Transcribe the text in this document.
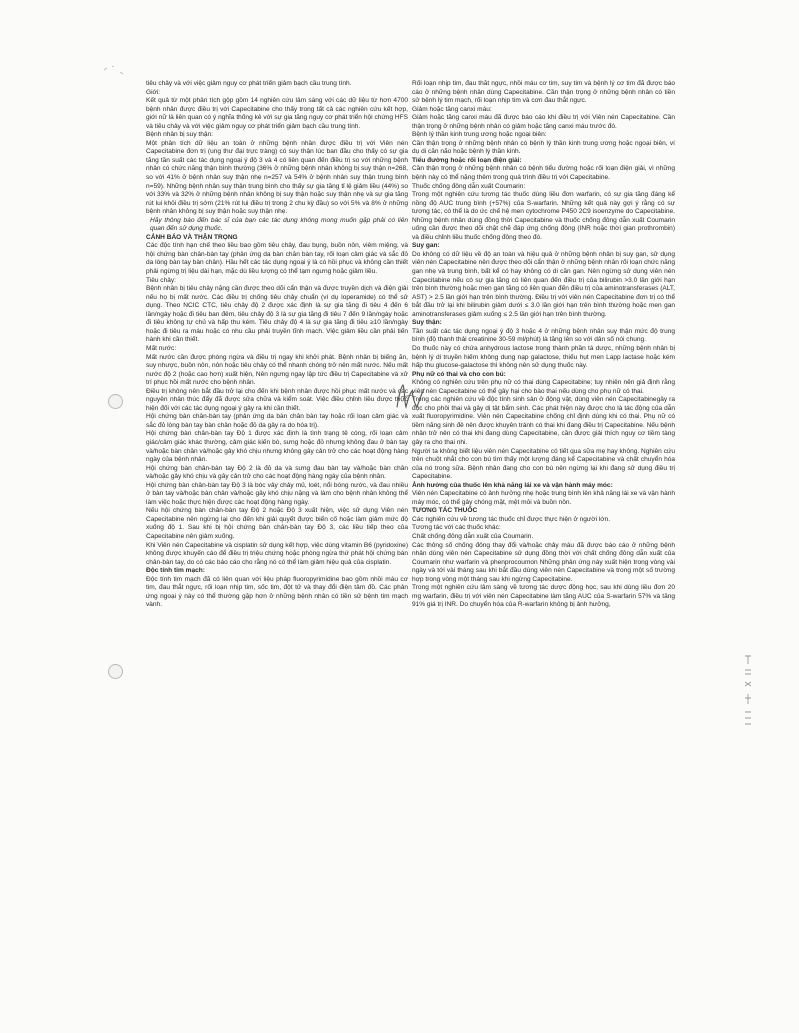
tiêu chảy và với việc giảm nguy cơ phát triển giảm bạch cầu trung tính.

Giới:

Kết quả từ một phân tích gộp gồm 14 nghiên cứu lâm sàng với các dữ liệu từ hơn 4700 bệnh nhân được điều trị với Capecitabine cho thấy trong tất cả các nghiên cứu kết hợp, giới nữ là liên quan có ý nghĩa thống kê với sự gia tăng nguy cơ phát triển hội chứng HFS và tiêu chảy và với việc giảm nguy cơ phát triển giảm bạch cầu trung tính.

Bệnh nhân bị suy thận:

Một phân tích dữ liệu an toàn ở những bệnh nhân được điều trị với Viên nén Capecitabine đơn trị (ung thư đại trực tràng) có suy thận lúc ban đầu cho thấy có sự gia tăng tần suất các tác dụng ngoại ý độ 3 và 4 có liên quan đến điều trị so với những bệnh nhân có chức năng thận bình thường (36% ở những bệnh nhân không bị suy thận n=268, so với 41% ở bệnh nhân suy thận nhẹ n=257 và 54% ở bệnh nhân suy thận trung bình n=59). Những bệnh nhân suy thận trung bình cho thấy sự gia tăng tỉ lệ giảm liều (44%) so với 33% và 32% ở những bệnh nhân không bị suy thận hoặc suy thận nhẹ và sự gia tăng rút lui khỏi điều trị sớm (21% rút lui điều trị trong 2 chu kỳ đầu) so với 5% và 8% ở những bệnh nhân không bị suy thận hoặc suy thận nhẹ.

Hãy thông báo đến bác sĩ của bạn các tác dụng không mong muốn gặp phải có liên quan đến sử dụng thuốc.

CẢNH BÁO VÀ THẬN TRỌNG

Các độc tính hạn chế theo liều bao gồm tiêu chảy, đau bụng, buồn nôn, viêm miệng, và hội chứng bàn chân-bàn tay (phản ứng da bàn chân bàn tay, rối loạn cảm giác và sắc đỏ da lòng bàn tay bàn chân). Hầu hết các tác dụng ngoại ý là có hồi phục và không cần thiết phải ngừng trị liệu dài hạn, mặc dù liều lượng có thể tạm ngưng hoặc giảm liều.

Tiêu chảy:

Bệnh nhân bị tiêu chảy nặng cần được theo dõi cẩn thận và được truyền dịch và điện giải nếu họ bị mất nước. Các điều trị chống tiêu chảy chuẩn (ví dụ loperamide) có thể sử dụng. Theo NCIC CTC, tiêu chảy độ 2 được xác định là sự gia tăng đi tiêu 4 đến 6 lần/ngày hoặc đi tiêu ban đêm, tiêu chảy độ 3 là sự gia tăng đi tiêu 7 đến 9 lần/ngày hoặc đi tiêu không tự chủ và hấp thu kém. Tiêu chảy độ 4 là sự gia tăng đi tiêu ≥10 lần/ngày hoặc đi tiêu ra máu hoặc có nhu cầu phải truyền tĩnh mạch. Việc giảm liều cần phải tiến hành khi cần thiết.

Mất nước:

Mất nước cần được phòng ngừa và điều trị ngay khi khởi phát. Bệnh nhân bị biếng ăn, suy nhược, buồn nôn, nôn hoặc tiêu chảy có thể nhanh chóng trở nên mất nước. Nếu mất nước độ 2 (hoặc cao hơn) xuất hiện, Nên ngưng ngay lập tức điều trị Capecitabine và xử trí phục hồi mất nước cho bệnh nhân.

Điều trị không nên bắt đầu trở lại cho đến khi bệnh nhân được hồi phục mất nước và các nguyên nhân thúc đẩy đã được sửa chữa và kiểm soát. Việc điều chỉnh liều được thực hiện đối với các tác dụng ngoại ý gây ra khi cần thiết.

Hội chứng bàn chân-bàn tay (phản ứng da bàn chân bàn tay hoặc rối loạn cảm giác và sắc đỏ lòng bàn tay bàn chân hoặc đỏ da gây ra do hóa trị).

Hội chứng bàn chân-bàn tay Độ 1 được xác định là tình trạng tê cóng, rối loạn cảm giác/cảm giác khác thường, cảm giác kiến bò, sưng hoặc đỏ nhưng không đau ở bàn tay và/hoặc bàn chân và/hoặc gây khó chịu nhưng không gây cản trở cho các hoạt động hàng ngày của bệnh nhân.

Hội chứng bàn chân-bàn tay Độ 2 là đỏ da và sưng đau bàn tay và/hoặc bàn chân và/hoặc gây khó chịu và gây cản trở cho các hoạt động hàng ngày của bệnh nhân.

Hội chứng bàn chân-bàn tay Độ 3 là bóc vảy chảy mủ, loét, nổi bóng nước, và đau nhiều ở bàn tay và/hoặc bàn chân và/hoặc gây khó chịu nặng và làm cho bệnh nhân không thể làm việc hoặc thực hiện được các hoạt động hàng ngày.

Nếu hội chứng bàn chân-bàn tay Độ 2 hoặc Độ 3 xuất hiện, việc sử dụng Viên nén Capecitabine nên ngừng lại cho đến khi giải quyết được biến cố hoặc làm giảm mức độ xuống độ 1. Sau khi bị hội chứng bàn chân-bàn tay Độ 3, các liều tiếp theo của Capecitabine nên giảm xuống.

Khi Viên nén Capecitabine và cisplatin sử dụng kết hợp, việc dùng vitamin B6 (pyridoxine) không được khuyến cáo để điều trị triệu chứng hoặc phòng ngừa thứ phát hội chứng bàn chân-bàn tay, do có các báo cáo cho rằng nó có thể làm giảm hiệu quả của cisplatin.

Độc tính tim mạch:

Độc tính tim mạch đã có liên quan với liệu pháp fluoropyrimidine bao gồm nhồi máu cơ tim, đau thắt ngực, rối loạn nhịp tim, sốc tim, đột tử và thay đổi điện tâm đồ. Các phản ứng ngoại ý này có thể thường gặp hơn ở những bệnh nhân có tiền sử bệnh tim mạch vành.

Rối loạn nhịp tim, đau thắt ngực, nhồi máu cơ tim, suy tim và bệnh lý cơ tim đã được báo cáo ở những bệnh nhân dùng Capecitabine. Cần thận trọng ở những bệnh nhân có tiền sử bệnh lý tim mạch, rối loạn nhịp tim và cơn đau thắt ngực.

Giảm hoặc tăng canxi máu:

Giảm hoặc tăng canxi máu đã được báo cáo khi điều trị với Viên nén Capecitabine. Cần thận trọng ở những bệnh nhân có giảm hoặc tăng canxi máu trước đó.

Bệnh lý thần kinh trung ương hoặc ngoại biên:

Cần thận trọng ở những bệnh nhân có bệnh lý thần kinh trung ương hoặc ngoại biên, ví dụ di căn não hoặc bệnh lý thần kinh.

Tiểu đường hoặc rối loạn điện giải:

Cần thận trọng ở những bệnh nhân có bệnh tiểu đường hoặc rối loạn điện giải, vì những bệnh này có thể nặng thêm trong quá trình điều trị với Capecitabine.

Thuốc chống đông dẫn xuất Coumarin:

Trong một nghiên cứu tương tác thuốc dùng liều đơn warfarin, có sự gia tăng đáng kể nồng độ AUC trung bình (+57%) của S-warfarin. Những kết quả này gợi ý rằng có sự tương tác, có thể là do ức chế hệ men cytochrome P450 2C9 isoenzyme do Capecitabine. Những bệnh nhân dùng đồng thời Capecitabine và thuốc chống đông dẫn xuất Coumarin uống cần được theo dõi chặt chẽ đáp ứng chống đông (INR hoặc thời gian prothrombin) và điều chỉnh liều thuốc chống đông theo đó.

Suy gan:

Do không có dữ liệu về độ an toàn và hiệu quả ở những bệnh nhân bị suy gan, sử dụng viên nén Capecitabine nên được theo dõi cẩn thận ở những bệnh nhân rối loạn chức năng gan nhẹ và trung bình, bất kể có hay không có di căn gan. Nên ngừng sử dụng viên nén Capecitabine nếu có sự gia tăng có liên quan đến điều trị của bilirubin >3.0 lần giới hạn trên bình thường hoặc men gan tăng có liên quan đến điều trị của aminotransferases (ALT, AST) > 2.5 lần giới hạn trên bình thường. Điều trị với viên nén Capecitabine đơn trị có thể bắt đầu trở lại khi bilirubin giảm dưới ≤ 3.0 lần giới hạn trên bình thường hoặc men gan aminotransferases giảm xuống ≤ 2.5 lần giới hạn trên bình thường.

Suy thận:

Tần suất các tác dụng ngoại ý độ 3 hoặc 4 ở những bệnh nhân suy thận mức độ trung bình (độ thanh thải creatinine 30-59 ml/phút) là tăng lên so với dân số nói chung.

Do thuốc này có chứa anhydrous lactose trong thành phần tá dược, những bệnh nhân bị bệnh lý di truyền hiếm không dung nạp galactose, thiếu hụt men Lapp lactase hoặc kém hấp thu glucose-galactose thì không nên sử dụng thuốc này.

Phụ nữ có thai và cho con bú:

Không có nghiên cứu trên phụ nữ có thai dùng Capecitabine; tuy nhiên nên giả định rằng viên nén Capecitabine có thể gây hại cho bào thai nếu dùng cho phụ nữ có thai.

Trong các nghiên cứu về độc tính sinh sản ở động vật, dùng viên nén Capecitabinegây ra độc cho phôi thai và gây dị tật bẩm sinh. Các phát hiện này được cho là tác động của dẫn xuất fluoropyrimidine. Viên nén Capecitabine chống chỉ định dùng khi có thai. Phụ nữ có tiềm năng sinh đẻ nên được khuyên tránh có thai khi đang điều trị Capecitabine. Nếu bệnh nhân trở nên có thai khi đang dùng Capecitabine, cần được giải thích nguy cơ tiềm tàng gây ra cho thai nhi.

Người ta không biết liệu viên nén Capecitabine có tiết qua sữa mẹ hay không. Nghiên cứu trên chuột nhắt cho con bú tìm thấy một lượng đáng kể Capecitabine và chất chuyển hóa của nó trong sữa. Bệnh nhân đang cho con bú nên ngừng lại khi đang sử dụng điều trị Capecitabine.

Ảnh hưởng của thuốc lên khả năng lái xe và vận hành máy móc:

Viên nén Capecitabine có ảnh hưởng nhẹ hoặc trung bình lên khả năng lái xe và vận hành máy móc, có thể gây chóng mặt, mệt mỏi và buồn nôn.

TƯƠNG TÁC THUỐC

Các nghiên cứu về tương tác thuốc chỉ được thực hiện ở người lớn.

Tương tác với các thuốc khác:

Chất chống đông dẫn xuất của Coumarin.

Các thông số chống đông thay đổi và/hoặc chảy máu đã được báo cáo ở những bệnh nhân dùng viên nén Capecitabine sử dụng đồng thời với chất chống đông dẫn xuất của Coumarin như warfarin và phenprocoumon Những phản ứng này xuất hiện trong vòng vài ngày và tới vài tháng sau khi bắt đầu dùng viên nén Capecitabine và trong một số trường hợp trong vòng một tháng sau khi ngừng Capecitabine.

Trong một nghiên cứu lâm sàng về tương tác dược động học, sau khi dùng liều đơn 20 mg warfarin, điều trị với viên nén Capecitabine làm tăng AUC của S-warfarin 57% và tăng 91% giá trị INR. Do chuyển hóa của R-warfarin không bị ảnh hưởng,
